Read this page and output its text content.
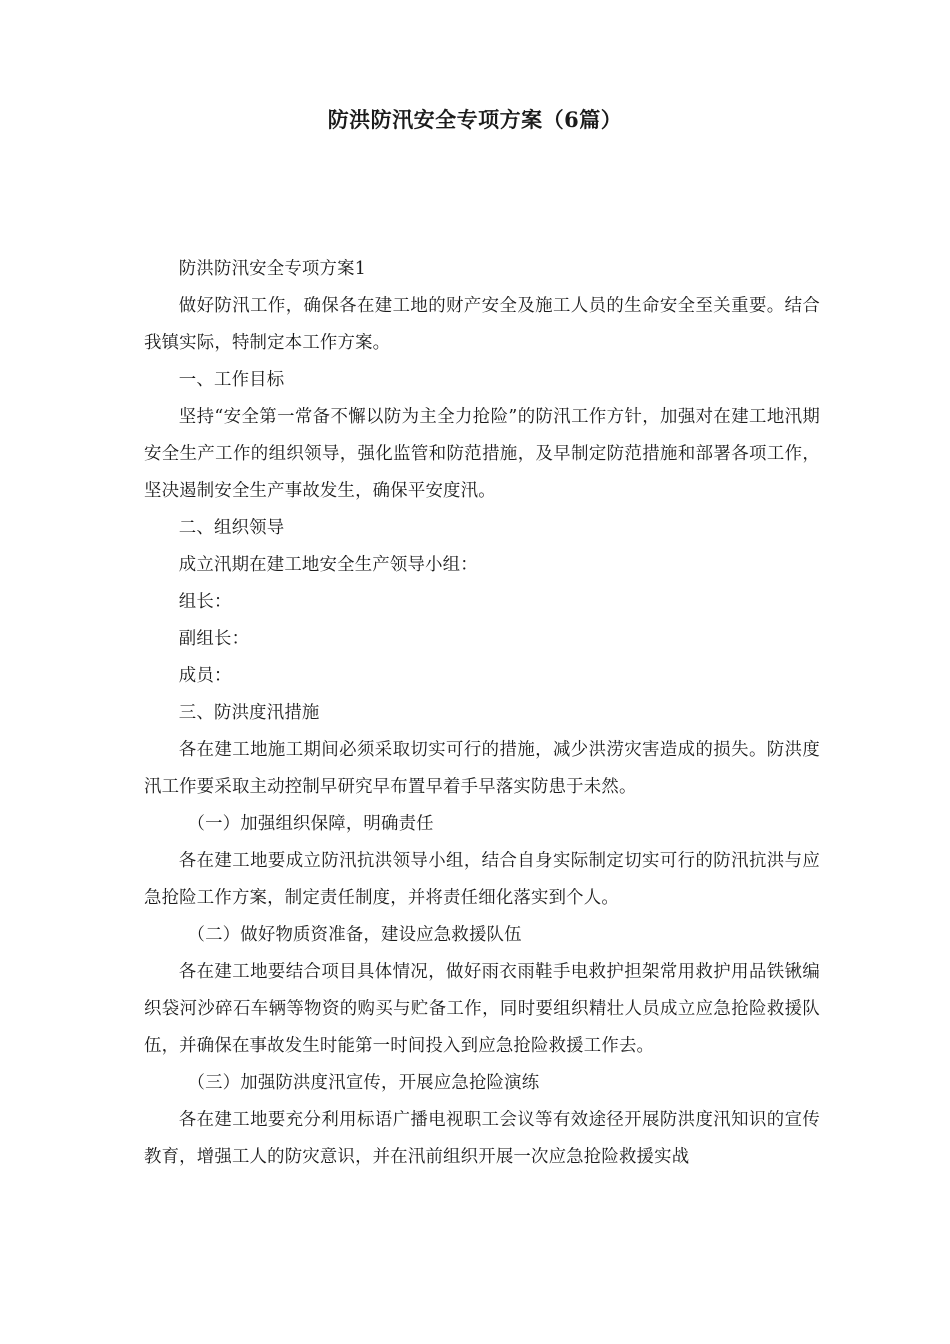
防洪防汛安全专项方案（6篇）

防洪防汛安全专项方案1

做好防汛工作，确保各在建工地的财产安全及施工人员的生命安全至关重要。结合我镇实际，特制定本工作方案。

一、工作目标

坚持“安全第一常备不懈以防为主全力抢险”的防汛工作方针，加强对在建工地汛期安全生产工作的组织领导，强化监管和防范措施，及早制定防范措施和部署各项工作，坚决遏制安全生产事故发生，确保平安度汛。

二、组织领导

成立汛期在建工地安全生产领导小组：

组长：

副组长：

成员：

三、防洪度汛措施

各在建工地施工期间必须采取切实可行的措施，减少洪涝灾害造成的损失。防洪度汛工作要采取主动控制早研究早布置早着手早落实防患于未然。

（一）加强组织保障，明确责任

各在建工地要成立防汛抗洪领导小组，结合自身实际制定切实可行的防汛抗洪与应急抢险工作方案，制定责任制度，并将责任细化落实到个人。

（二）做好物质资准备，建设应急救援队伍

各在建工地要结合项目具体情况，做好雨衣雨鞋手电救护担架常用救护用品铁锹编织袋河沙碎石车辆等物资的购买与贮备工作，同时要组织精壮人员成立应急抢险救援队伍，并确保在事故发生时能第一时间投入到应急抢险救援工作去。

（三）加强防洪度汛宣传，开展应急抢险演练

各在建工地要充分利用标语广播电视职工会议等有效途径开展防洪度汛知识的宣传教育，增强工人的防灾意识，并在汛前组织开展一次应急抢险救援实战
